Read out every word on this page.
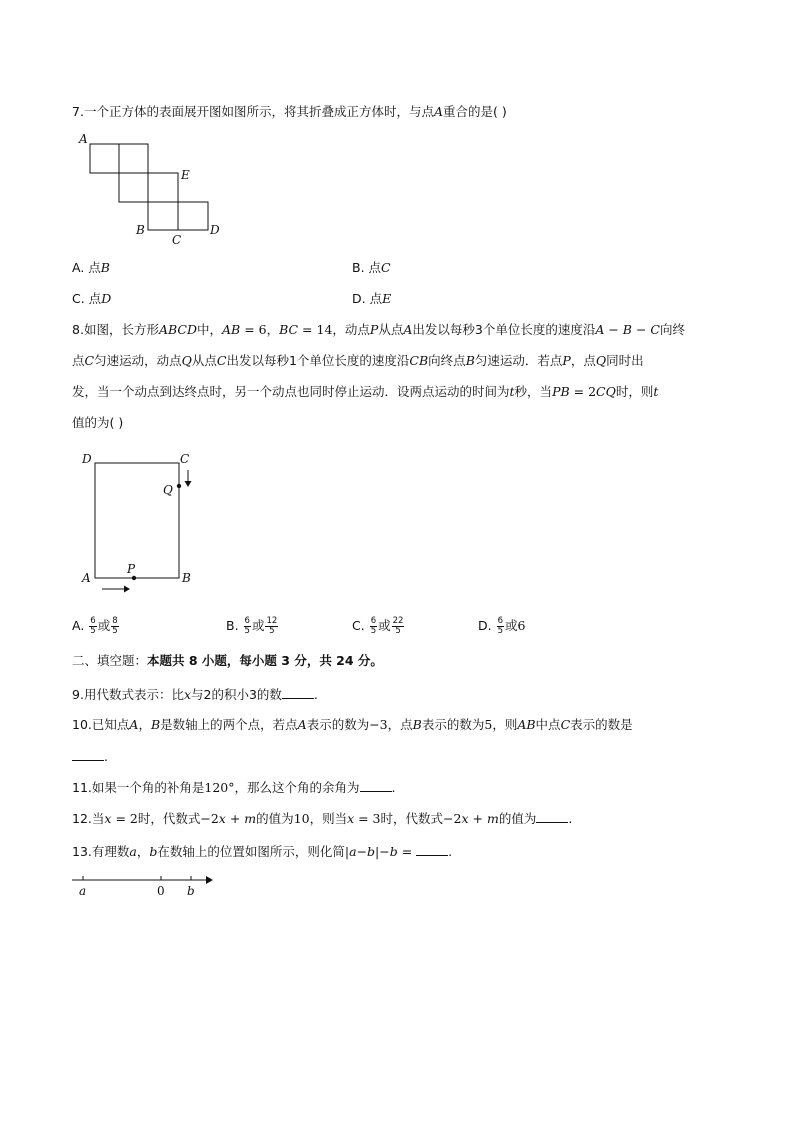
7.一个正方体的表面展开图如图所示，将其折叠成正方体时，与点A重合的是( )
A
E
B
C
D
A. 点B	B. 点C
C. 点D	D. 点E
8.如图，长方形ABCD中，AB = 6，BC = 14，动点P从点A出发以每秒3个单位长度的速度沿A − B − C向终
点C匀速运动，动点Q从点C出发以每秒1个单位长度的速度沿CB向终点B匀速运动．若点P，点Q同时出
发，当一个动点到达终点时，另一个动点也同时停止运动．设两点运动的时间为t秒，当PB = 2CQ时，则t
值的为( )
D	C
Q
A
P
B
A. $\frac{6}{5}$ 或 $\frac{8}{5}$	B. $\frac{6}{5}$ 或 $\frac{12}{5}$	C. $\frac{6}{5}$ 或 $\frac{22}{5}$	D. $\frac{6}{5}$ 或6
二、填空题：本题共 8 小题，每小题 3 分，共 24 分。
9.用代数式表示：比x与2的积小3的数	.
10.已知点A，B是数轴上的两个点，若点A表示的数为−3，点B表示的数为5，则AB中点C表示的数是
.
11.如果一个角的补角是120°，那么这个角的余角为	.
12.当x = 2时，代数式−2x + m的值为10，则当x = 3时，代数式−2x + m的值为	.
13.有理数a，b在数轴上的位置如图所示，则化简|a−b|−b =	.
a	0 b
